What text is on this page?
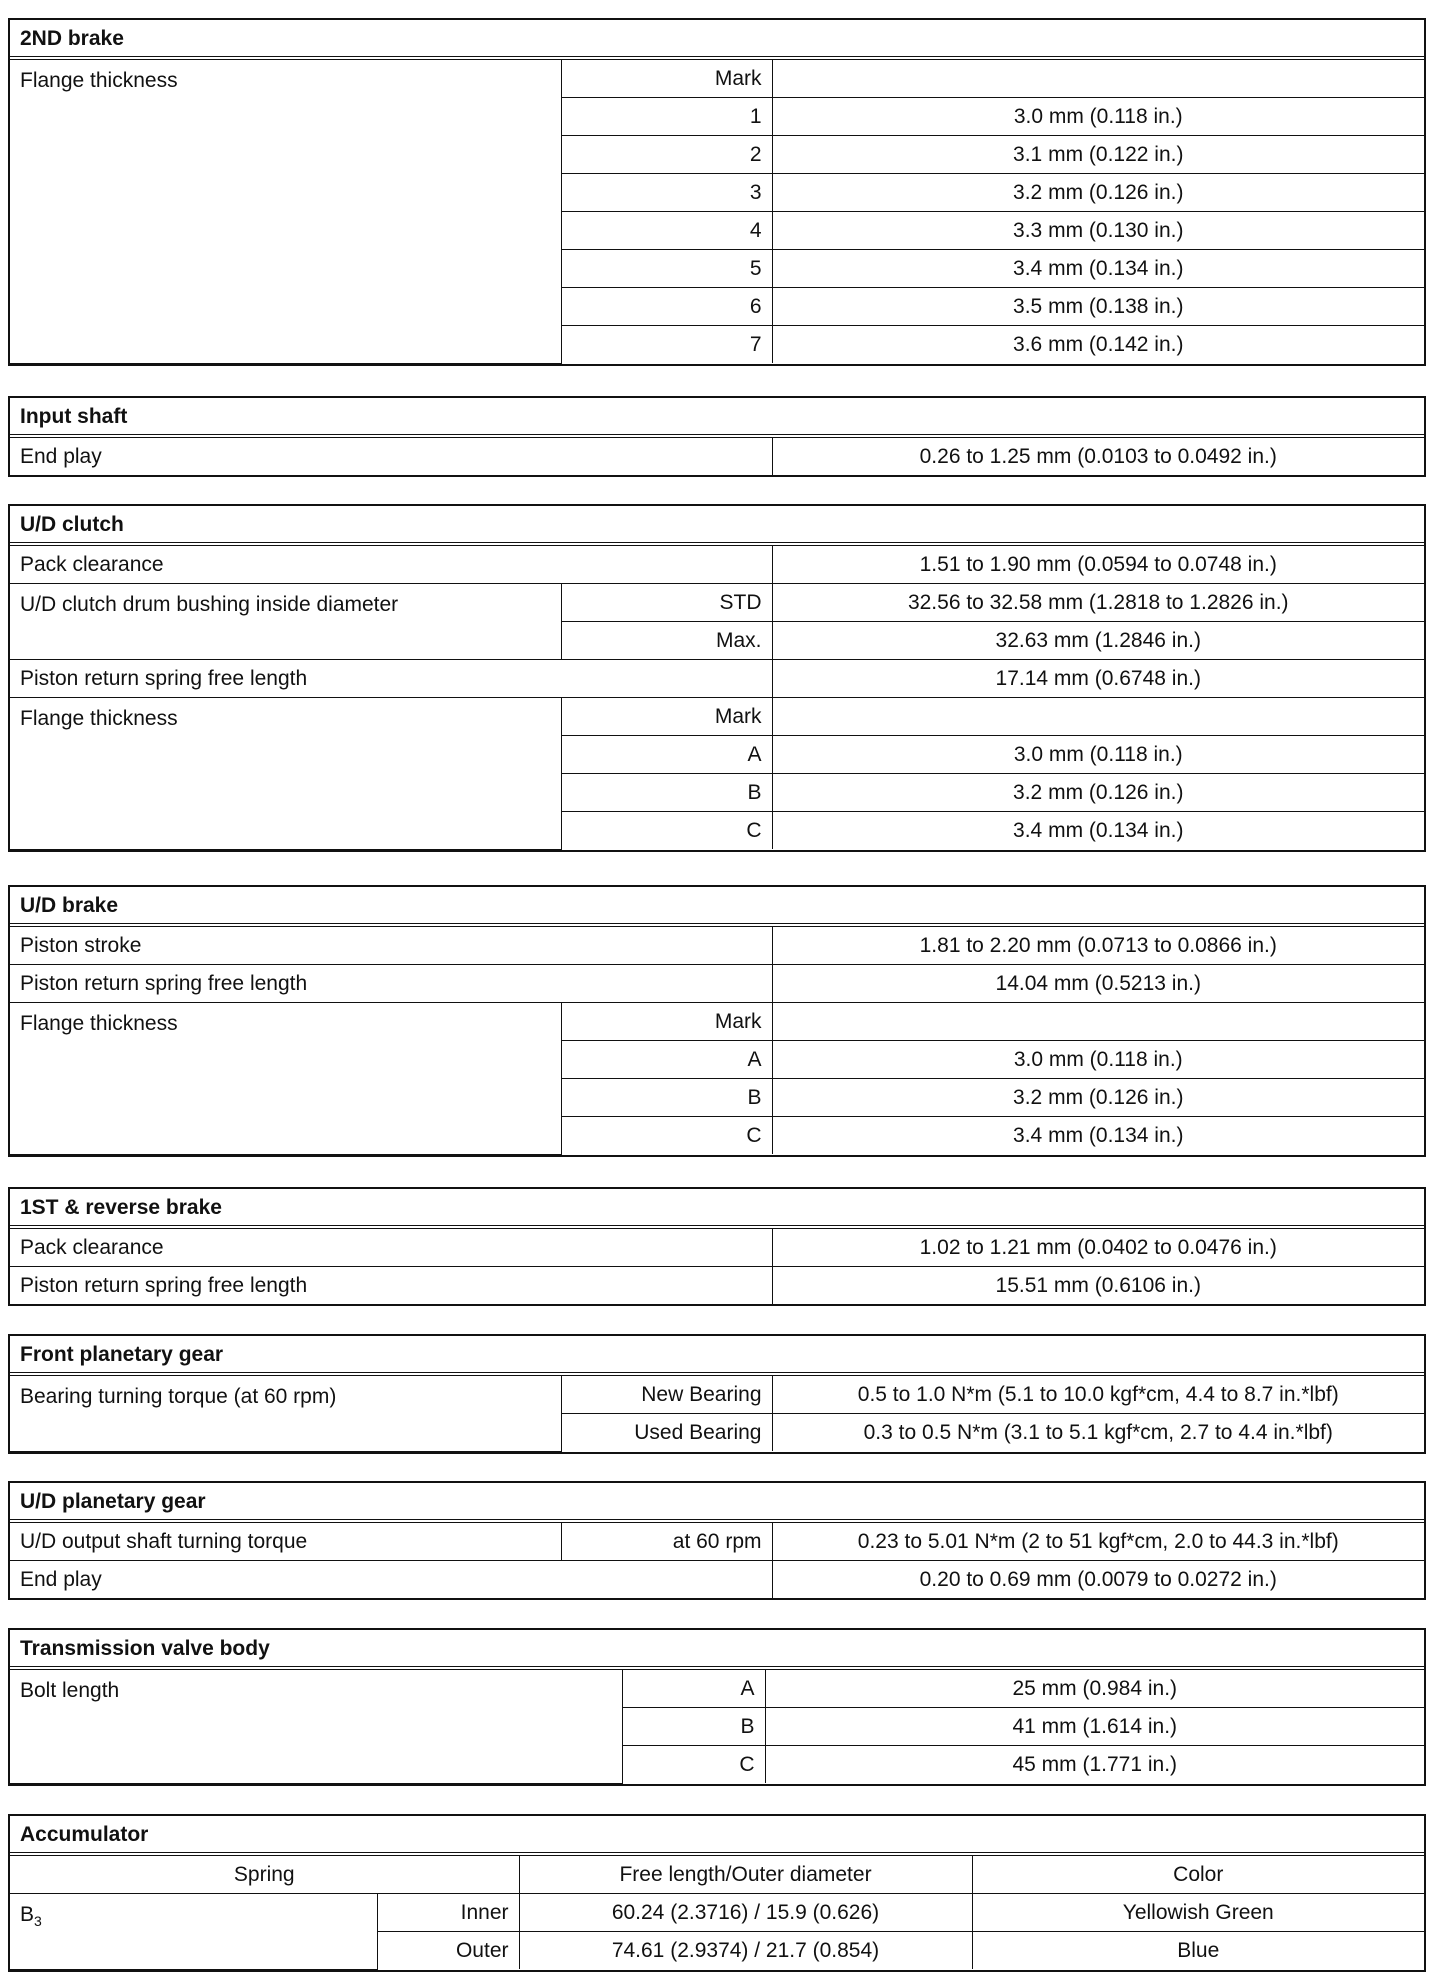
2ND brake		
Flange thickness	Mark	
	1	3.0 mm (0.118 in.)
	2	3.1 mm (0.122 in.)
	3	3.2 mm (0.126 in.)
	4	3.3 mm (0.130 in.)
	5	3.4 mm (0.134 in.)
	6	3.5 mm (0.138 in.)
	7	3.6 mm (0.142 in.)
Input shaft
End play	0.26 to 1.25 mm (0.0103 to 0.0492 in.)
U/D clutch		
Pack clearance		1.51 to 1.90 mm (0.0594 to 0.0748 in.)
U/D clutch drum bushing inside diameter	STD	32.56 to 32.58 mm (1.2818 to 1.2826 in.)
	Max.	32.63 mm (1.2846 in.)
Piston return spring free length		17.14 mm (0.6748 in.)
Flange thickness	Mark	
	A	3.0 mm (0.118 in.)
	B	3.2 mm (0.126 in.)
	C	3.4 mm (0.134 in.)
U/D brake		
Piston stroke		1.81 to 2.20 mm (0.0713 to 0.0866 in.)
Piston return spring free length		14.04 mm (0.5213 in.)
Flange thickness	Mark	
	A	3.0 mm (0.118 in.)
	B	3.2 mm (0.126 in.)
	C	3.4 mm (0.134 in.)
1ST & reverse brake	
Pack clearance	1.02 to 1.21 mm (0.0402 to 0.0476 in.)
Piston return spring free length	15.51 mm (0.6106 in.)
Front planetary gear		
Bearing turning torque (at 60 rpm)	New Bearing	0.5 to 1.0 N*m (5.1 to 10.0 kgf*cm, 4.4 to 8.7 in.*lbf)
	Used Bearing	0.3 to 0.5 N*m (3.1 to 5.1 kgf*cm, 2.7 to 4.4 in.*lbf)
U/D planetary gear		
U/D output shaft turning torque	at 60 rpm	0.23 to 5.01 N*m (2 to 51 kgf*cm, 2.0 to 44.3 in.*lbf)
End play		0.20 to 0.69 mm (0.0079 to 0.0272 in.)
Transmission valve body		
Bolt length	A	25 mm (0.984 in.)
	B	41 mm (1.614 in.)
	C	45 mm (1.771 in.)
Accumulator			
Spring		Free length/Outer diameter	Color
$B_3$	Inner	60.24 (2.3716) / 15.9 (0.626)	Yellowish Green
	Outer	74.61 (2.9374) / 21.7 (0.854)	Blue
